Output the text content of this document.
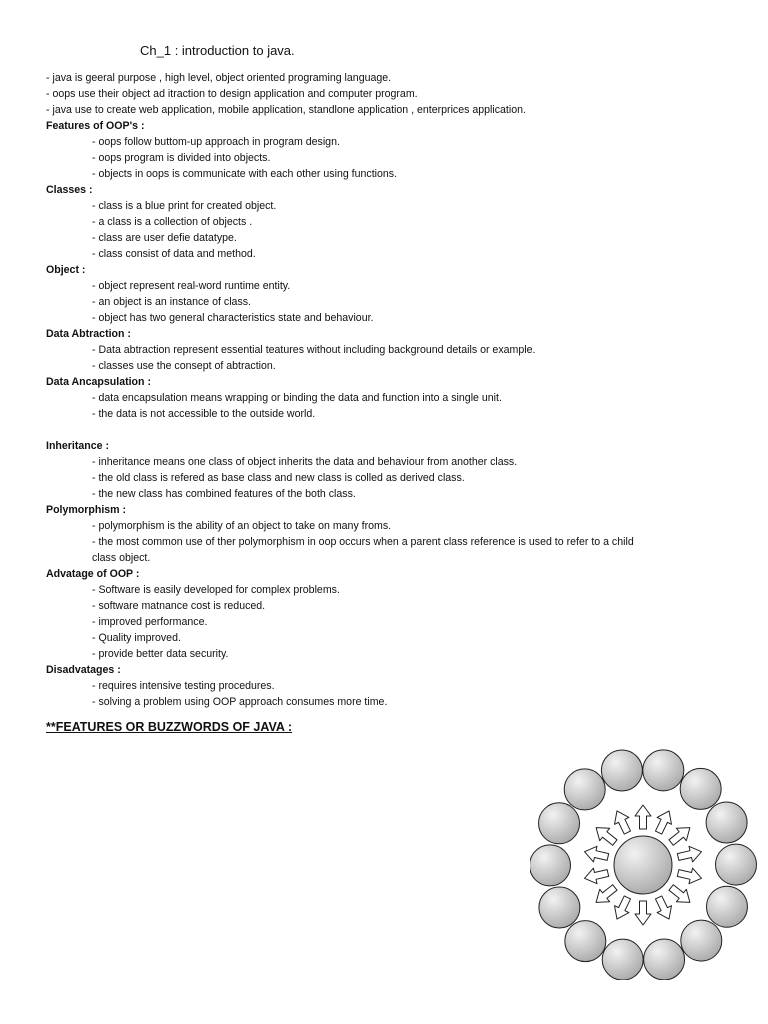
Ch_1 : introduction to java.
- java is geeral purpose , high level, object oriented programing language.
- oops use their object ad itraction to design application and computer program.
- java use to create web application, mobile application, standlone application , enterprices application.
Features of OOP's :
- oops follow buttom-up approach in program design.
- oops program is divided into objects.
- objects in oops is communicate with each other using functions.
Classes :
- class is a blue print for created object.
- a class is a collection of objects .
- class are user defie datatype.
- class consist of data and method.
Object :
- object represent real-word runtime entity.
- an object is an instance of class.
- object has two general characteristics state and behaviour.
Data Abtraction :
- Data abtraction represent essential teatures without including background details or example.
- classes use the consept of abtraction.
Data Ancapsulation :
- data encapsulation means wrapping or binding the data and function into a single unit.
- the data is not accessible to the outside world.
Inheritance :
- inheritance means one class of object inherits the data and behaviour from another class.
- the old class is refered as base class and new class is colled as derived class.
- the new class has combined features of the both class.
Polymorphism :
- polymorphism is the ability of an object to take on many froms.
- the most common use of ther polymorphism in oop occurs when a parent class reference is used to refer to a child
class object.
Advatage of OOP :
- Software is easily developed for complex problems.
- software matnance cost is reduced.
- improved performance.
- Quality improved.
- provide better data security.
Disadvatages :
- requires intensive testing procedures.
- solving a problem using OOP approach consumes more time.
**FEATURES OR BUZZWORDS OF JAVA :
